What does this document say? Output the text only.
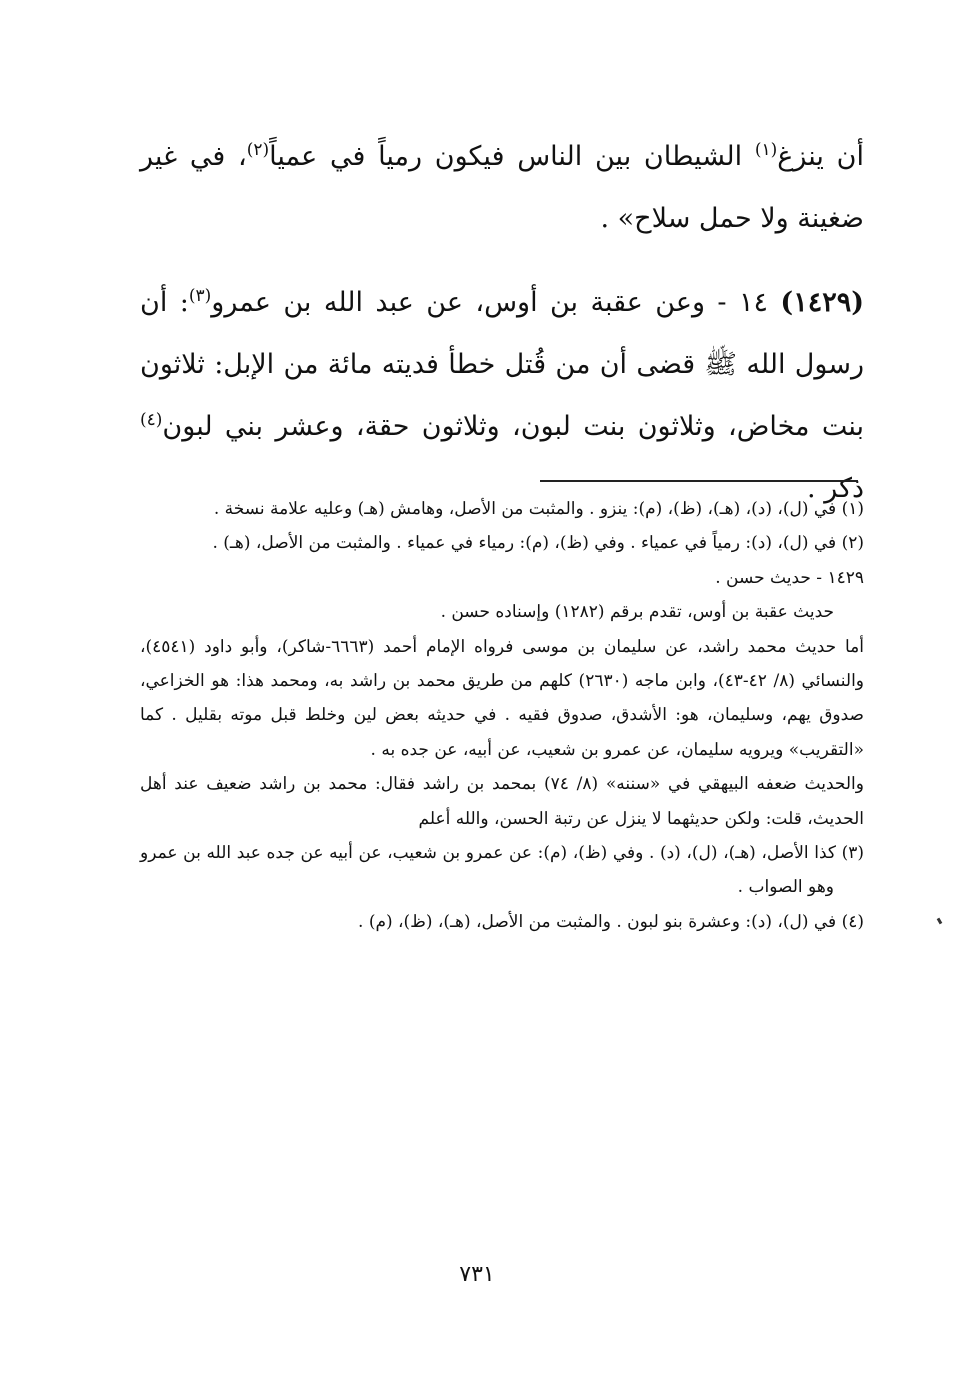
أن ينزغ$^{(١)}$ الشيطان بين الناس فيكون رمياً في عمياً$^{(٢)}$، في غير ضغينة ولا حمل سلاح» .

(١٤٢٩) ١٤ - وعن عقبة بن أوس، عن عبد الله بن عمرو$^{(٣)}$: أن رسول الله ﷺ قضى أن من قُتل خطأ فديته مائة من الإبل: ثلاثون بنت مخاض، وثلاثون بنت لبون، وثلاثون حقة، وعشر بني لبون$^{(٤)}$ ذكر .

(١) في (ل)، (د)، (هـ)، (ظ)، (م): ينزو . والمثبت من الأصل، وهامش (هـ) وعليه علامة نسخة .

(٢) في (ل)، (د): رمياً في عمياء . وفي (ظ)، (م): رمياء في عمياء . والمثبت من الأصل، (هـ) .

١٤٢٩ - حديث حسن .

حديث عقبة بن أوس، تقدم برقم (١٢٨٢) وإسناده حسن .

أما حديث محمد راشد، عن سليمان بن موسى فرواه الإمام أحمد (٦٦٦٣-شاكر)، وأبو داود (٤٥٤١)، والنسائي (٨/ ٤٢-٤٣)، وابن ماجه (٢٦٣٠) كلهم من طريق محمد بن راشد به، ومحمد هذا: هو الخزاعي، صدوق يهم، وسليمان، هو: الأشدق، صدوق فقيه . في حديثه بعض لين وخلط قبل موته بقليل . كما «التقريب» ويرويه سليمان، عن عمرو بن شعيب، عن أبيه، عن جده به .

والحديث ضعفه البيهقي في «سننه» (٨/ ٧٤) بمحمد بن راشد فقال: محمد بن راشد ضعيف عند أهل الحديث، قلت: ولكن حديثهما لا ينزل عن رتبة الحسن، والله أعلم

(٣) كذا الأصل، (هـ)، (ل)، (د) . وفي (ظ)، (م): عن عمرو بن شعيب، عن أبيه عن جده عبد الله بن عمرو وهو الصواب .

(٤) في (ل)، (د): وعشرة بنو لبون . والمثبت من الأصل، (هـ)، (ظ)، (م) .

٧٣١
